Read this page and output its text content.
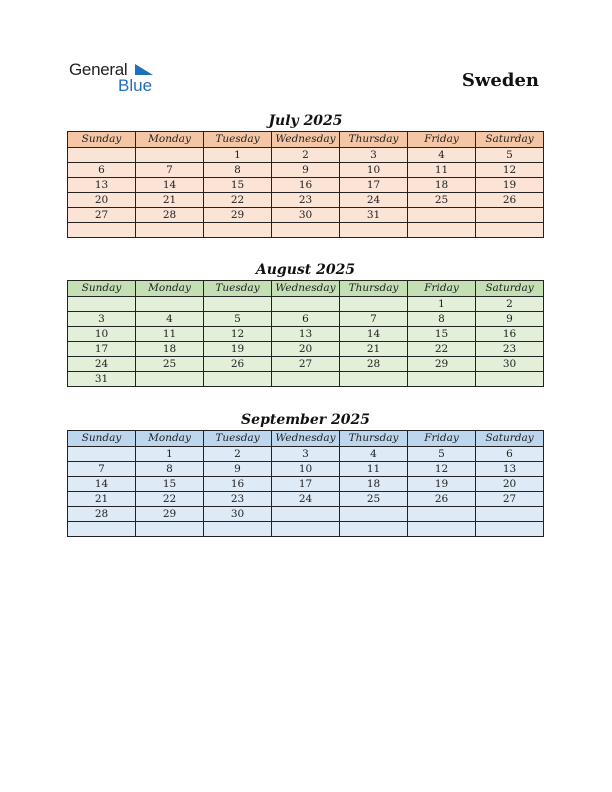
General
Blue	Sweden
July 2025
Sunday	Monday	Tuesday	Wednesday	Thursday	Friday	Saturday
		1	2	3	4	5
6	7	8	9	10	11	12
13	14	15	16	17	18	19
20	21	22	23	24	25	26
27	28	29	30	31		

August 2025
Sunday	Monday	Tuesday	Wednesday	Thursday	Friday	Saturday
					1	2
3	4	5	6	7	8	9
10	11	12	13	14	15	16
17	18	19	20	21	22	23
24	25	26	27	28	29	30
31						
September 2025
Sunday	Monday	Tuesday	Wednesday	Thursday	Friday	Saturday
	1	2	3	4	5	6
7	8	9	10	11	12	13
14	15	16	17	18	19	20
21	22	23	24	25	26	27
28	29	30				
